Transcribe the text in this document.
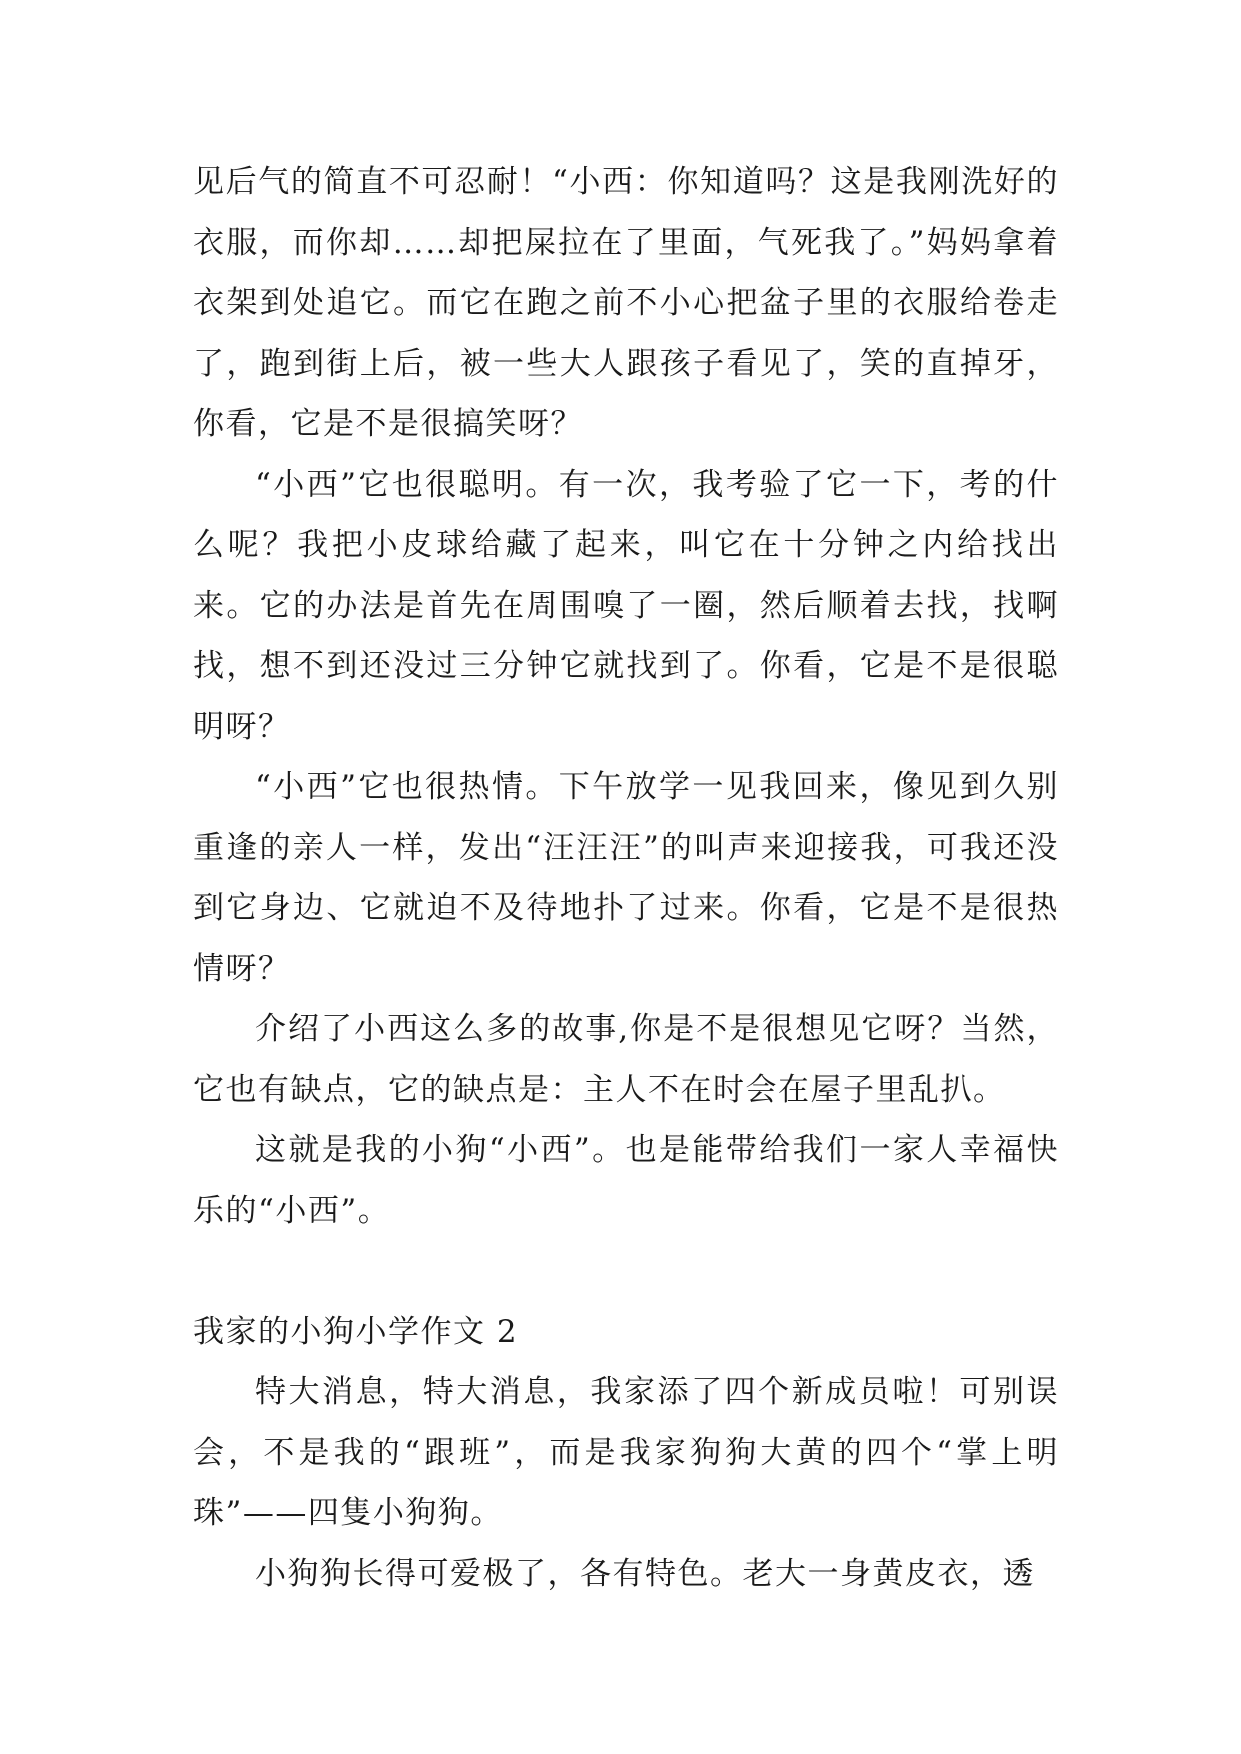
见后气的简直不可忍耐！“小西：你知道吗？这是我刚洗好的衣服，而你却……却把屎拉在了里面，气死我了。”妈妈拿着衣架到处追它。而它在跑之前不小心把盆子里的衣服给卷走了，跑到街上后，被一些大人跟孩子看见了，笑的直掉牙，你看，它是不是很搞笑呀？

“小西”它也很聪明。有一次，我考验了它一下，考的什么呢？我把小皮球给藏了起来，叫它在十分钟之内给找出来。它的办法是首先在周围嗅了一圈，然后顺着去找，找啊找，想不到还没过三分钟它就找到了。你看，它是不是很聪明呀？

“小西”它也很热情。下午放学一见我回来，像见到久别重逢的亲人一样，发出“汪汪汪”的叫声来迎接我，可我还没到它身边、它就迫不及待地扑了过来。你看，它是不是很热情呀？

介绍了小西这么多的故事,你是不是很想见它呀？当然，它也有缺点，它的缺点是：主人不在时会在屋子里乱扒。

这就是我的小狗“小西”。也是能带给我们一家人幸福快乐的“小西”。

我家的小狗小学作文 2

特大消息，特大消息，我家添了四个新成员啦！可别误会，不是我的“跟班”，而是我家狗狗大黄的四个“掌上明珠”——四隻小狗狗。

小狗狗长得可爱极了，各有特色。老大一身黄皮衣，透
